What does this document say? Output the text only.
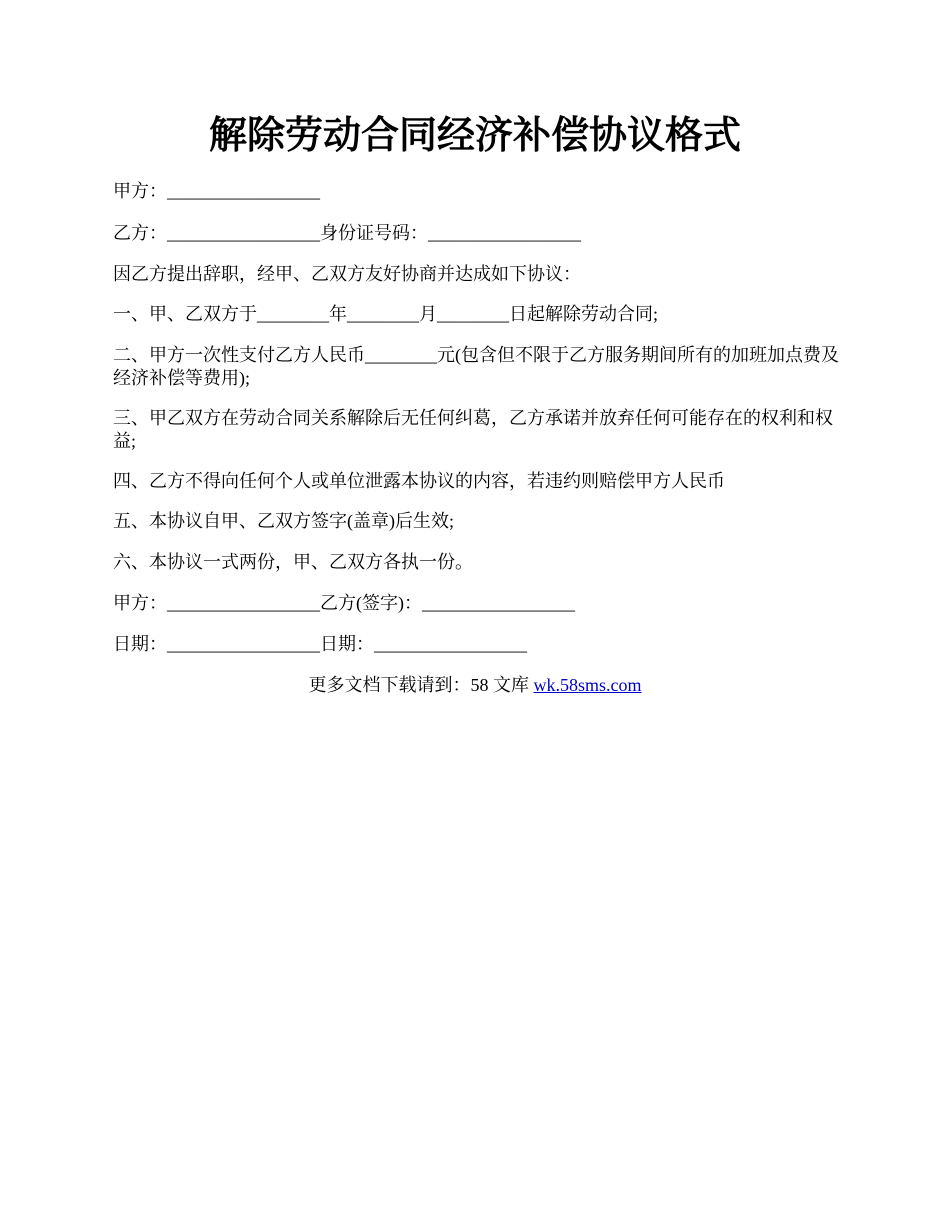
解除劳动合同经济补偿协议格式

甲方：_________________

乙方：_________________身份证号码：_________________

因乙方提出辞职，经甲、乙双方友好协商并达成如下协议：

一、甲、乙双方于________年________月________日起解除劳动合同;

二、甲方一次性支付乙方人民币________元(包含但不限于乙方服务期间所有的加班加点费及经济补偿等费用);

三、甲乙双方在劳动合同关系解除后无任何纠葛，乙方承诺并放弃任何可能存在的权利和权益;

四、乙方不得向任何个人或单位泄露本协议的内容，若违约则赔偿甲方人民币

五、本协议自甲、乙双方签字(盖章)后生效;

六、本协议一式两份，甲、乙双方各执一份。

甲方：_________________乙方(签字)：_________________

日期：_________________日期：_________________

更多文档下载请到：58 文库 wk.58sms.com
